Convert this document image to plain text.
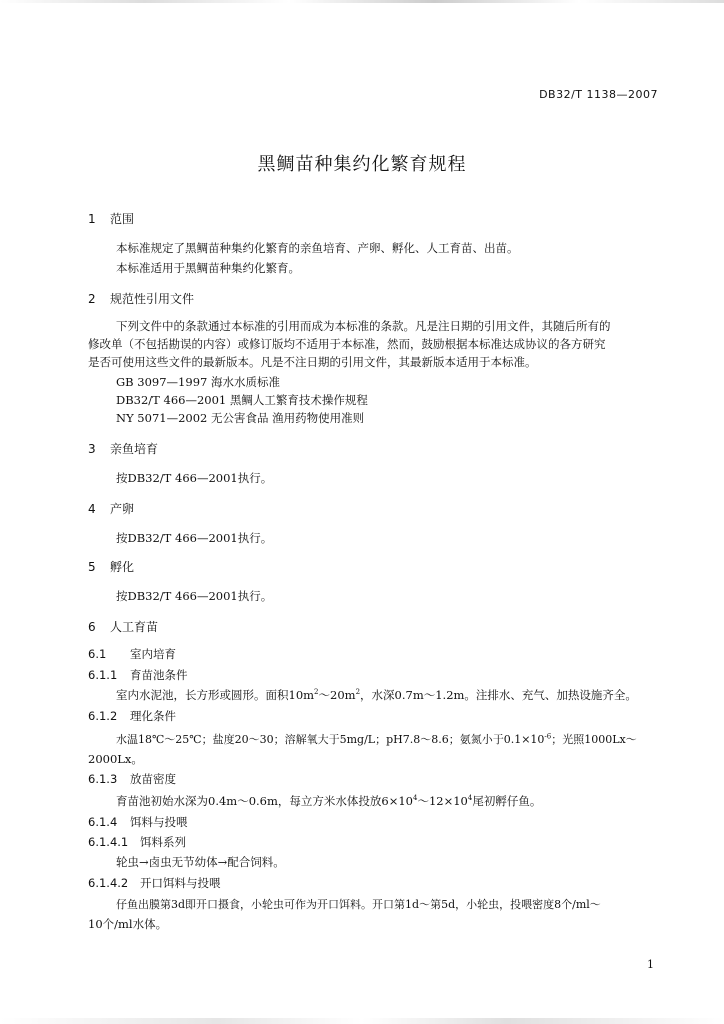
DB32/T 1138—2007
黑鲷苗种集约化繁育规程
1 范围
本标准规定了黑鲷苗种集约化繁育的亲鱼培育、产卵、孵化、人工育苗、出苗。
本标准适用于黑鲷苗种集约化繁育。
2 规范性引用文件
下列文件中的条款通过本标准的引用而成为本标准的条款。凡是注日期的引用文件，其随后所有的
修改单（不包括勘误的内容）或修订版均不适用于本标准，然而，鼓励根据本标准达成协议的各方研究
是否可使用这些文件的最新版本。凡是不注日期的引用文件，其最新版本适用于本标准。
GB 3097—1997 海水水质标准
DB32/T 466—2001 黑鲷人工繁育技术操作规程
NY 5071—2002 无公害食品 渔用药物使用准则
3 亲鱼培育
按DB32/T 466—2001执行。
4 产卵
按DB32/T 466—2001执行。
5 孵化
按DB32/T 466—2001执行。
6 人工育苗
6.1 室内培育
6.1.1 育苗池条件
室内水泥池，长方形或圆形。面积$10m^2\sim 20m^2$，水深0.7m～1.2m。注排水、充气、加热设施齐全。
6.1.2 理化条件
水温18℃～25℃；盐度20～30；溶解氧大于5mg/L；pH7.8～8.6；氨氮小于$0.1\times 10^{-6}$；光照1000Lx～
2000Lx。
6.1.3 放苗密度
育苗池初始水深为0.4m～0.6m，每立方米水体投放$6\times 10^4\sim 12\times 10^4$尾初孵仔鱼。
6.1.4 饵料与投喂
6.1.4.1 饵料系列
轮虫→卤虫无节幼体→配合饲料。
6.1.4.2 开口饵料与投喂
仔鱼出膜第3d即开口摄食，小轮虫可作为开口饵料。开口第1d～第5d，小轮虫，投喂密度8个/ml～
10个/ml水体。
1
